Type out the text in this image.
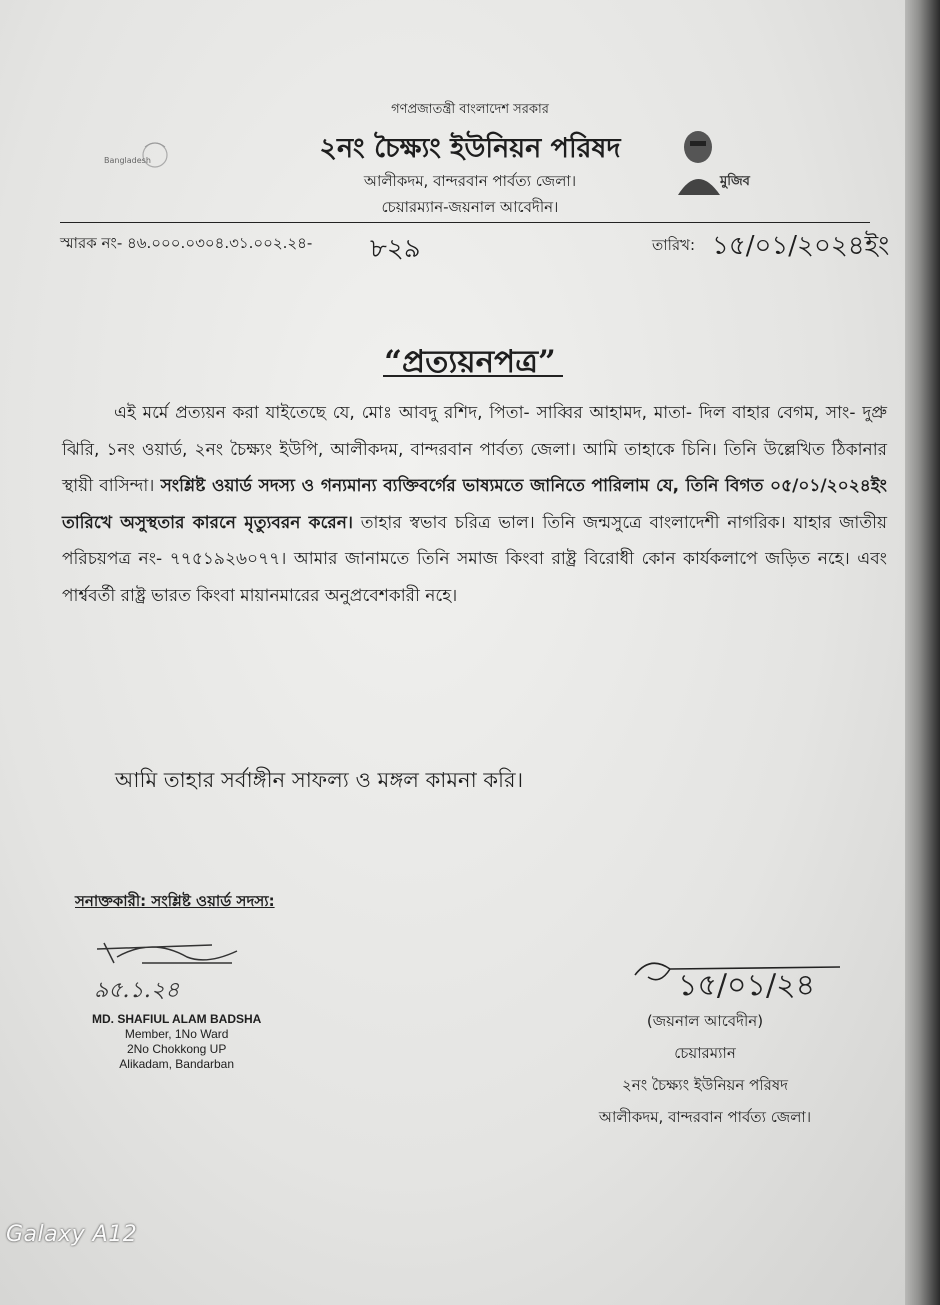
Bangladesh
মুজিব
গণপ্রজাতন্ত্রী বাংলাদেশ সরকার
২নং চৈক্ষ্যং ইউনিয়ন পরিষদ
আলীকদম, বান্দরবান পার্বত্য জেলা।
চেয়ারম্যান-জয়নাল আবেদীন।
স্মারক নং- ৪৬.০০০.০৩০৪.৩১.০০২.২৪- ৮২৯	তারিখ: ১৫/০১/২০২৪ইং
“প্রত্যয়নপত্র”
এই মর্মে প্রত্যয়ন করা যাইতেছে যে, মোঃ আবদু রশিদ, পিতা- সাব্বির আহামদ, মাতা- দিল বাহার বেগম, সাং- দুপ্রু ঝিরি, ১নং ওয়ার্ড, ২নং চৈক্ষ্যং ইউপি, আলীকদম, বান্দরবান পার্বত্য জেলা। আমি তাহাকে চিনি। তিনি উল্লেখিত ঠিকানার স্থায়ী বাসিন্দা। সংশ্লিষ্ট ওয়ার্ড সদস্য ও গন্যমান্য ব্যক্তিবর্গের ভাষ্যমতে জানিতে পারিলাম যে, তিনি বিগত ০৫/০১/২০২৪ইং তারিখে অসুস্থতার কারনে মৃত্যুবরন করেন। তাহার স্বভাব চরিত্র ভাল। তিনি জন্মসুত্রে বাংলাদেশী নাগরিক। যাহার জাতীয় পরিচয়পত্র নং- ৭৭৫১৯২৬০৭৭। আমার জানামতে তিনি সমাজ কিংবা রাষ্ট্র বিরোধী কোন কার্যকলাপে জড়িত নহে। এবং পার্শ্ববর্তী রাষ্ট্র ভারত কিংবা মায়ানমারের অনুপ্রবেশকারী নহে।
আমি তাহার সর্বাঙ্গীন সাফল্য ও মঙ্গল কামনা করি।
সনাক্তকারী: সংশ্লিষ্ট ওয়ার্ড সদস্য:
৯৫.১.২৪
MD. SHAFIUL ALAM BADSHA
Member, 1No Ward
2No Chokkong UP
Alikadam, Bandarban
১৫/০১/২৪
(জয়নাল আবেদীন)
চেয়ারম্যান
২নং চৈক্ষ্যং ইউনিয়ন পরিষদ
আলীকদম, বান্দরবান পার্বত্য জেলা।
Galaxy A12
